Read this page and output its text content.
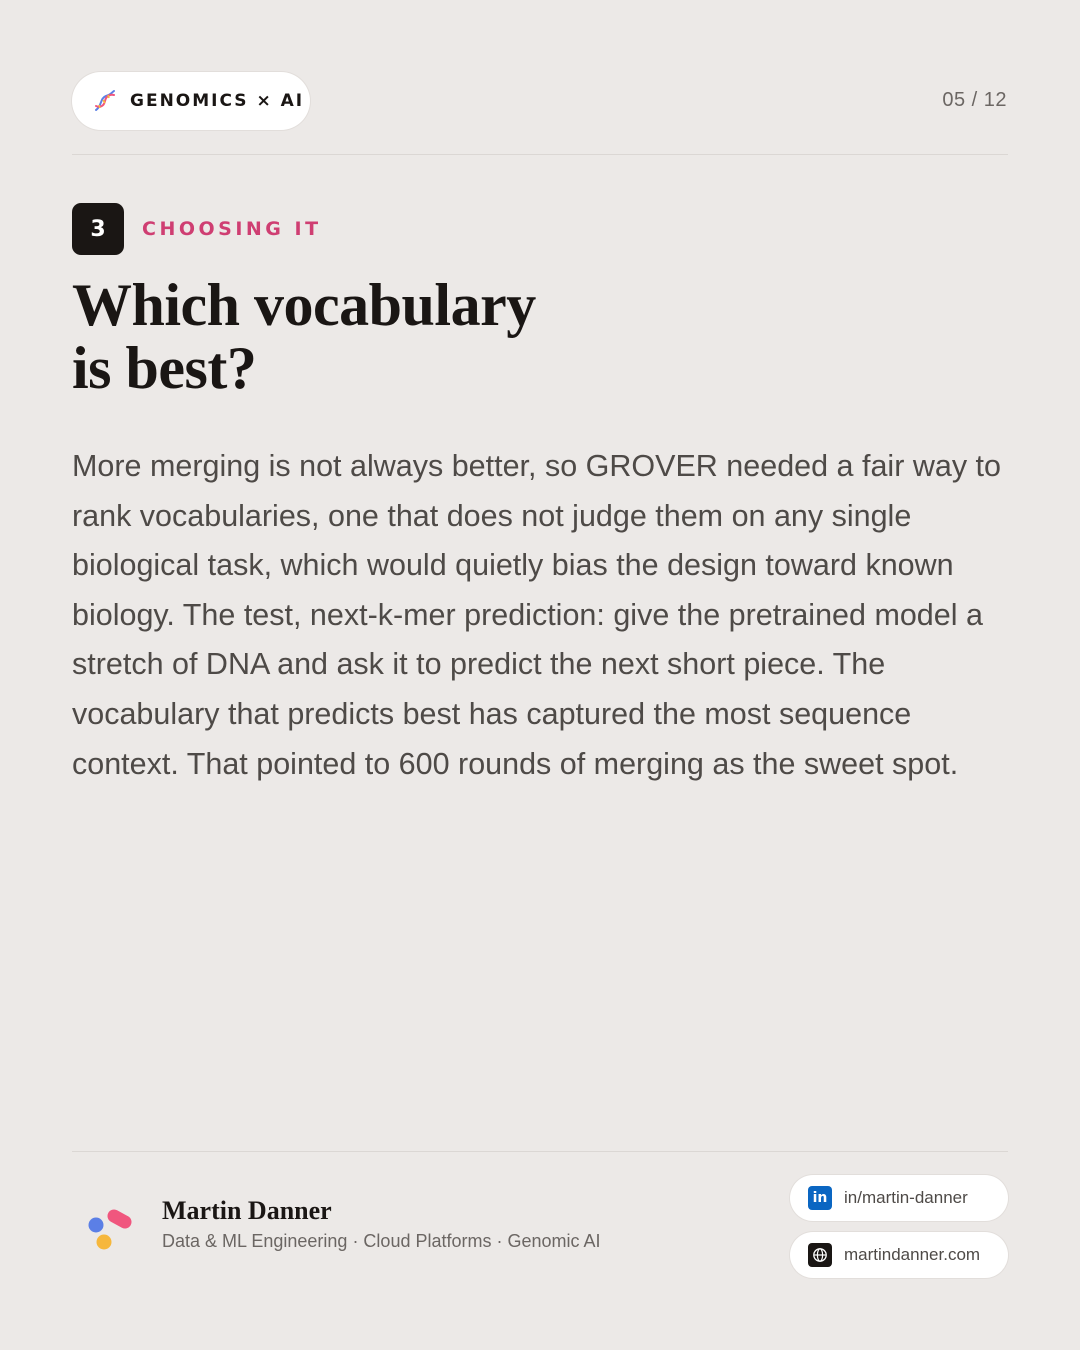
GENOMICS × AI	05 / 12
3	CHOOSING IT
Which vocabulary
is best?

More merging is not always better, so GROVER needed a fair way to rank vocabularies, one that does not judge them on any single biological task, which would quietly bias the design toward known biology. The test, next-k-mer prediction: give the pretrained model a stretch of DNA and ask it to predict the next short piece. The vocabulary that predicts best has captured the most sequence context. That pointed to 600 rounds of merging as the sweet spot.

Martin Danner
Data & ML Engineering · Cloud Platforms · Genomic AI
in in/martin-danner
martindanner.com
